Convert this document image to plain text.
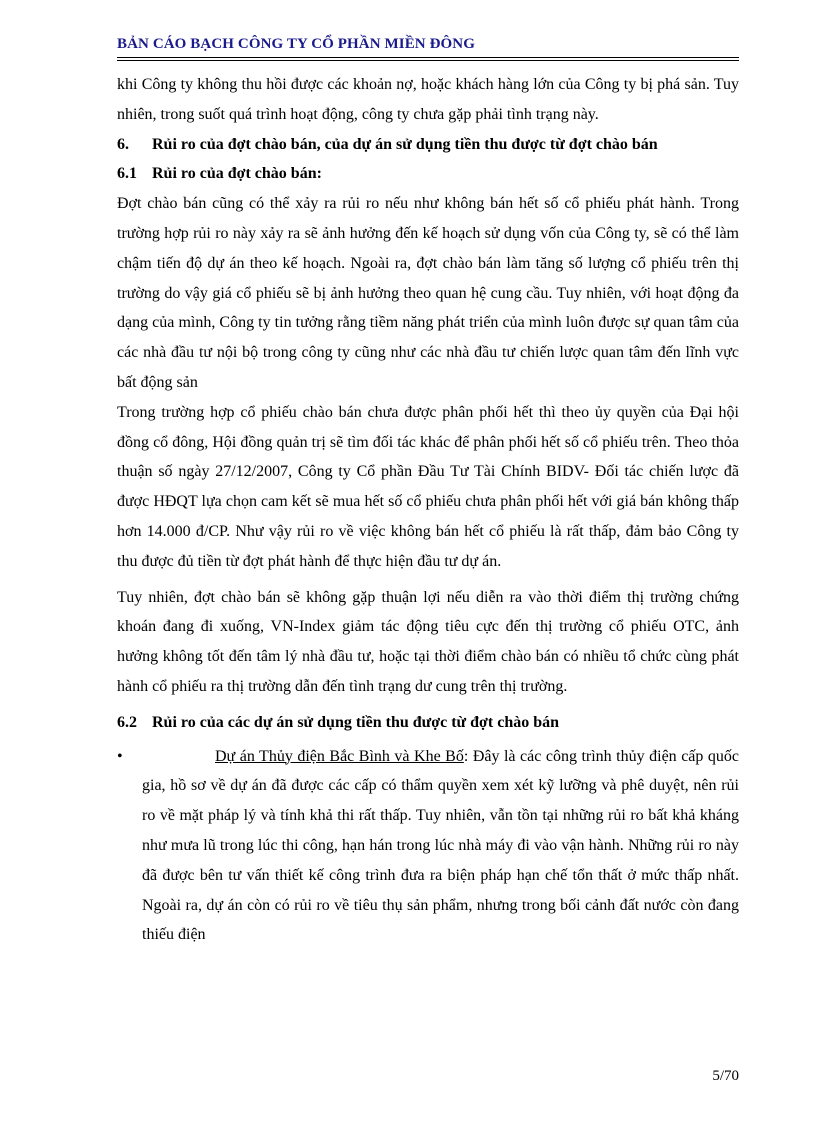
BẢN CÁO BẠCH CÔNG TY CỔ PHẦN MIỀN ĐÔNG

khi Công ty không thu hồi được các khoản nợ, hoặc khách hàng lớn của Công ty bị phá sản. Tuy nhiên, trong suốt quá trình hoạt động, công ty chưa gặp phải tình trạng này.

6. Rủi ro của đợt chào bán, của dự án sử dụng tiền thu được từ đợt chào bán
6.1 Rủi ro của đợt chào bán:

Đợt chào bán cũng có thể xảy ra rủi ro nếu như không bán hết số cổ phiếu phát hành. Trong trường hợp rủi ro này xảy ra sẽ ảnh hưởng đến kế hoạch sử dụng vốn của Công ty, sẽ có thể làm chậm tiến độ dự án theo kế hoạch. Ngoài ra, đợt chào bán làm tăng số lượng cổ phiếu trên thị trường do vậy giá cổ phiếu sẽ bị ảnh hưởng theo quan hệ cung cầu. Tuy nhiên, với hoạt động đa dạng của mình, Công ty tin tưởng rằng tiềm năng phát triển của mình luôn được sự quan tâm của các nhà đầu tư nội bộ trong công ty cũng như các nhà đầu tư chiến lược quan tâm đến lĩnh vực bất động sản

Trong trường hợp cổ phiếu chào bán chưa được phân phối hết thì theo ủy quyền của Đại hội đồng cổ đông, Hội đồng quản trị sẽ tìm đối tác khác để phân phối hết số cổ phiếu trên. Theo thỏa thuận số ngày 27/12/2007, Công ty Cổ phần Đầu Tư Tài Chính BIDV- Đối tác chiến lược đã được HĐQT lựa chọn cam kết sẽ mua hết số cổ phiếu chưa phân phối hết với giá bán không thấp hơn 14.000 đ/CP. Như vậy rủi ro về việc không bán hết cổ phiếu là rất thấp, đảm bảo Công ty thu được đủ tiền từ đợt phát hành để thực hiện đầu tư dự án.

Tuy nhiên, đợt chào bán sẽ không gặp thuận lợi nếu diễn ra vào thời điểm thị trường chứng khoán đang đi xuống, VN-Index giảm tác động tiêu cực đến thị trường cổ phiếu OTC, ảnh hưởng không tốt đến tâm lý nhà đầu tư, hoặc tại thời điểm chào bán có nhiều tổ chức cùng phát hành cổ phiếu ra thị trường dẫn đến tình trạng dư cung trên thị trường.

6.2 Rủi ro của các dự án sử dụng tiền thu được từ đợt chào bán
•	Dự án Thủy điện Bắc Bình và Khe Bố: Đây là các công trình thủy điện cấp quốc gia, hồ sơ về dự án đã được các cấp có thẩm quyền xem xét kỹ lưỡng và phê duyệt, nên rủi ro về mặt pháp lý và tính khả thi rất thấp. Tuy nhiên, vẫn tồn tại những rủi ro bất khả kháng như mưa lũ trong lúc thi công, hạn hán trong lúc nhà máy đi vào vận hành. Những rủi ro này đã được bên tư vấn thiết kế công trình đưa ra biện pháp hạn chế tổn thất ở mức thấp nhất. Ngoài ra, dự án còn có rủi ro về tiêu thụ sản phẩm, nhưng trong bối cảnh đất nước còn đang thiếu điện
5/70
